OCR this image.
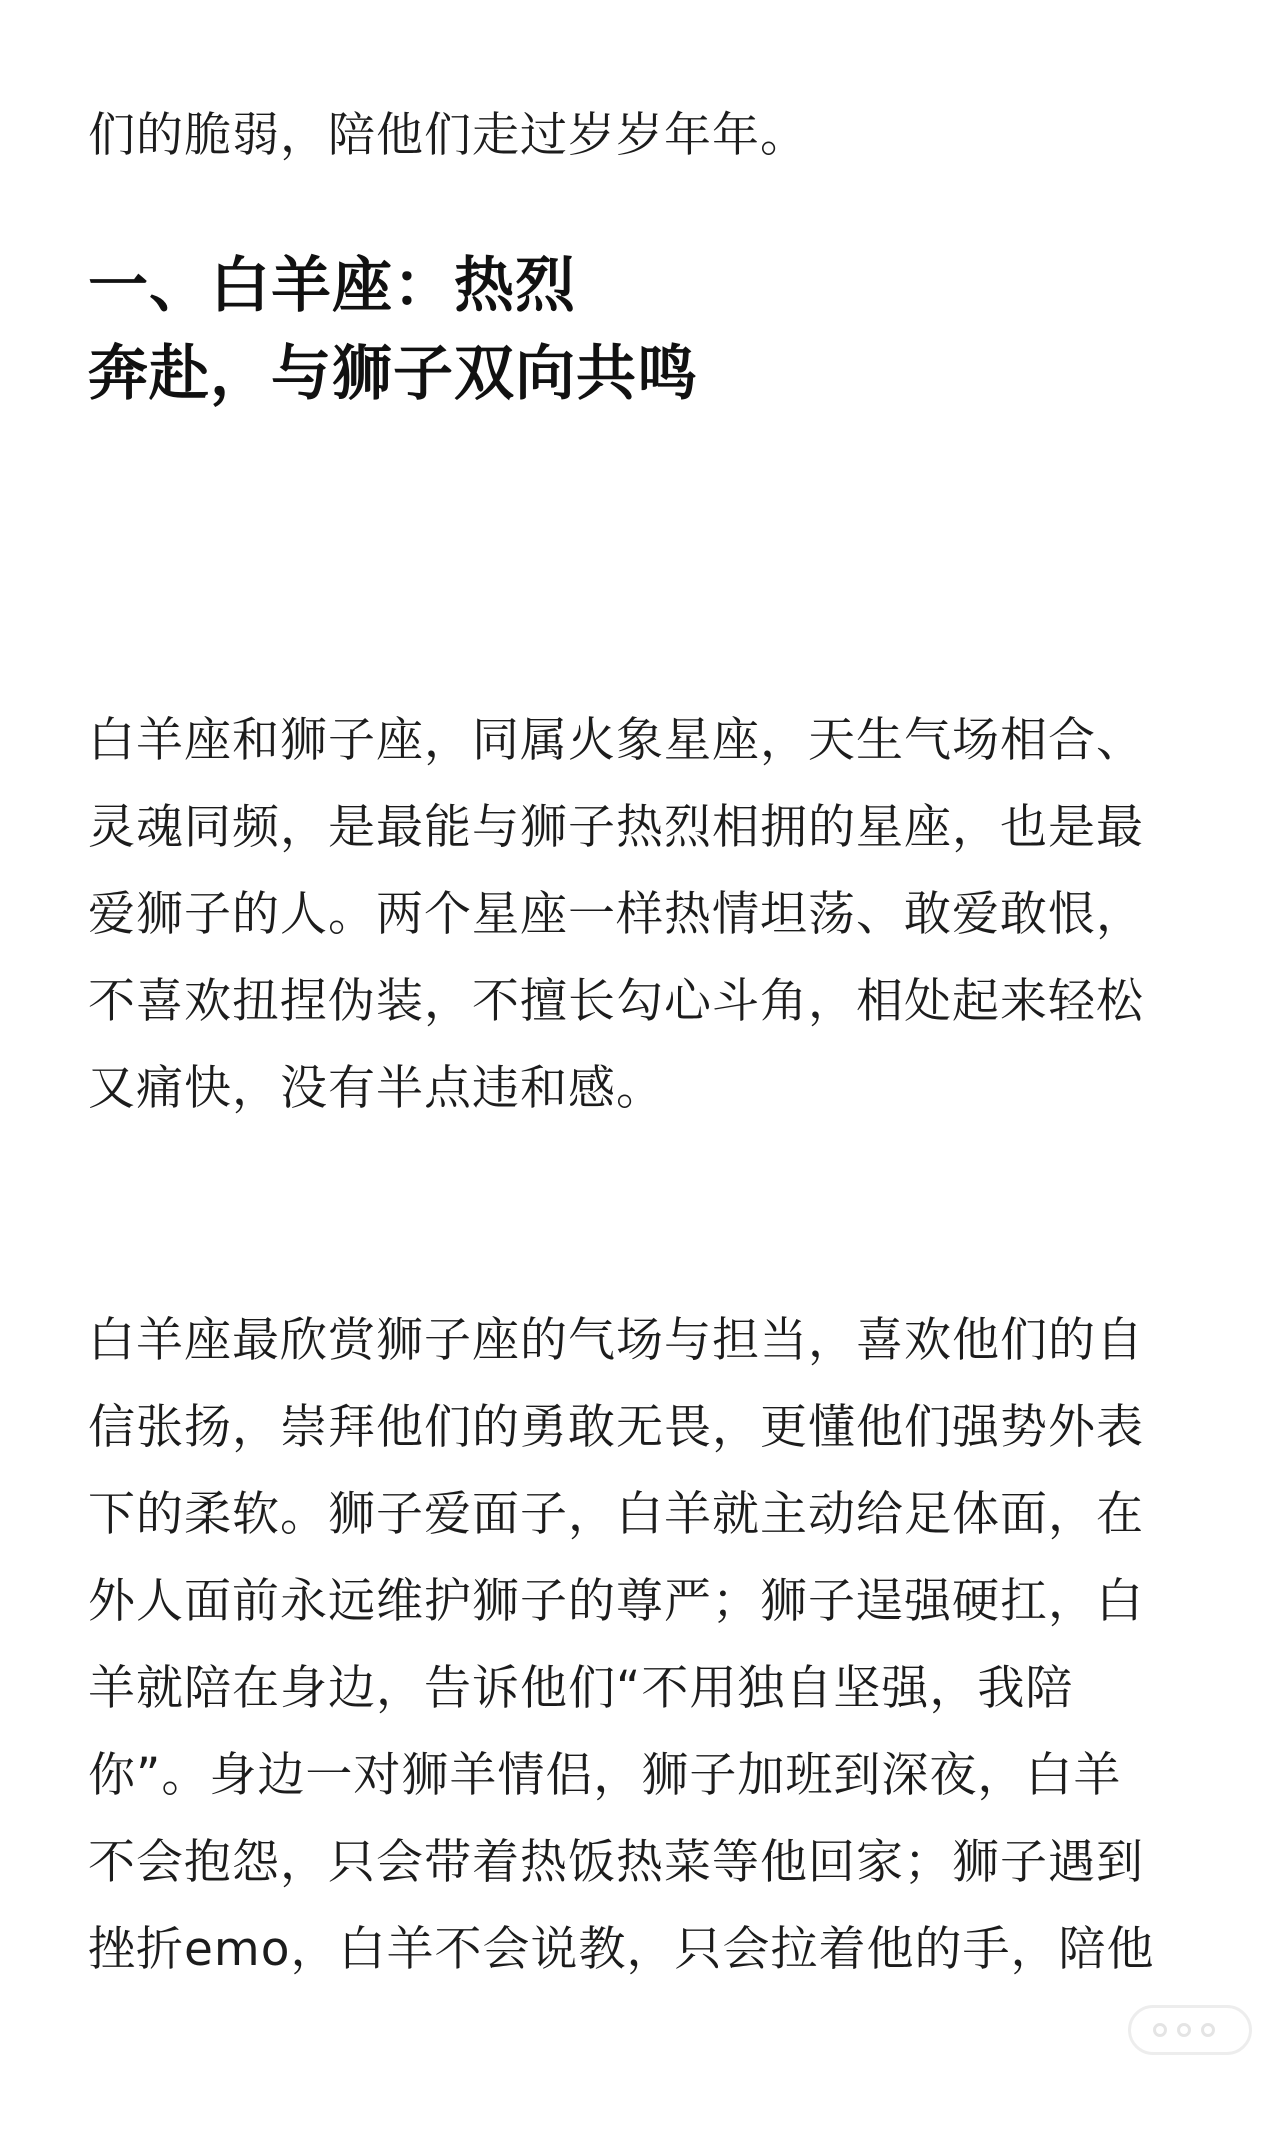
们的脆弱，陪他们走过岁岁年年。

一、白羊座：热烈
奔赴，与狮子双向共鸣

白羊座和狮子座，同属火象星座，天生气场相合、
灵魂同频，是最能与狮子热烈相拥的星座，也是最
爱狮子的人。两个星座一样热情坦荡、敢爱敢恨，
不喜欢扭捏伪装，不擅长勾心斗角，相处起来轻松
又痛快，没有半点违和感。

白羊座最欣赏狮子座的气场与担当，喜欢他们的自
信张扬，崇拜他们的勇敢无畏，更懂他们强势外表
下的柔软。狮子爱面子，白羊就主动给足体面，在
外人面前永远维护狮子的尊严；狮子逞强硬扛，白
羊就陪在身边，告诉他们“不用独自坚强，我陪
你”。身边一对狮羊情侣，狮子加班到深夜，白羊
不会抱怨，只会带着热饭热菜等他回家；狮子遇到
挫折emo，白羊不会说教，只会拉着他的手，陪他
